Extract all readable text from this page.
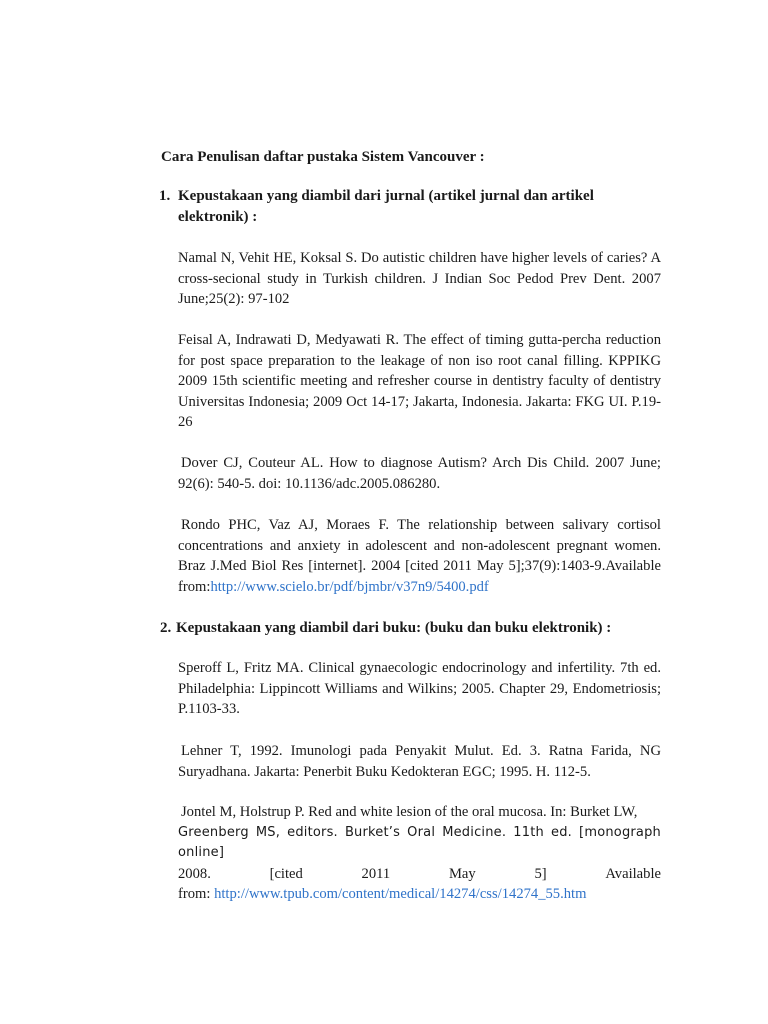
Cara Penulisan daftar pustaka Sistem Vancouver :
1. Kepustakaan yang diambil dari jurnal (artikel jurnal dan artikel elektronik) :
Namal N, Vehit HE, Koksal S. Do autistic children have higher levels of caries? A cross-secional study in Turkish children. J Indian Soc Pedod Prev Dent. 2007 June;25(2): 97-102
Feisal A, Indrawati D, Medyawati R. The effect of timing gutta-percha reduction for post space preparation to the leakage of non iso root canal filling. KPPIKG 2009 15th scientific meeting and refresher course in dentistry faculty of dentistry Universitas Indonesia; 2009 Oct 14-17; Jakarta, Indonesia. Jakarta: FKG UI. P.19-26
Dover CJ, Couteur AL. How to diagnose Autism? Arch Dis Child. 2007 June; 92(6): 540-5. doi: 10.1136/adc.2005.086280.
Rondo PHC, Vaz AJ, Moraes F. The relationship between salivary cortisol concentrations and anxiety in adolescent and non-adolescent pregnant women. Braz J.Med Biol Res [internet]. 2004 [cited 2011 May 5];37(9):1403-9.Available from:http://www.scielo.br/pdf/bjmbr/v37n9/5400.pdf
2. Kepustakaan yang diambil dari buku: (buku dan buku elektronik) :
Speroff L, Fritz MA. Clinical gynaecologic endocrinology and infertility. 7th ed. Philadelphia: Lippincott Williams and Wilkins; 2005. Chapter 29, Endometriosis; P.1103-33.
Lehner T, 1992. Imunologi pada Penyakit Mulut. Ed. 3. Ratna Farida, NG Suryadhana. Jakarta: Penerbit Buku Kedokteran EGC; 1995. H. 112-5.
Jontel M, Holstrup P. Red and white lesion of the oral mucosa. In: Burket LW,
Greenberg MS, editors. Burket’s Oral Medicine. 11th ed. [monograph online]
2008.	[cited	2011	May	5]	Available
from: http://www.tpub.com/content/medical/14274/css/14274_55.htm
